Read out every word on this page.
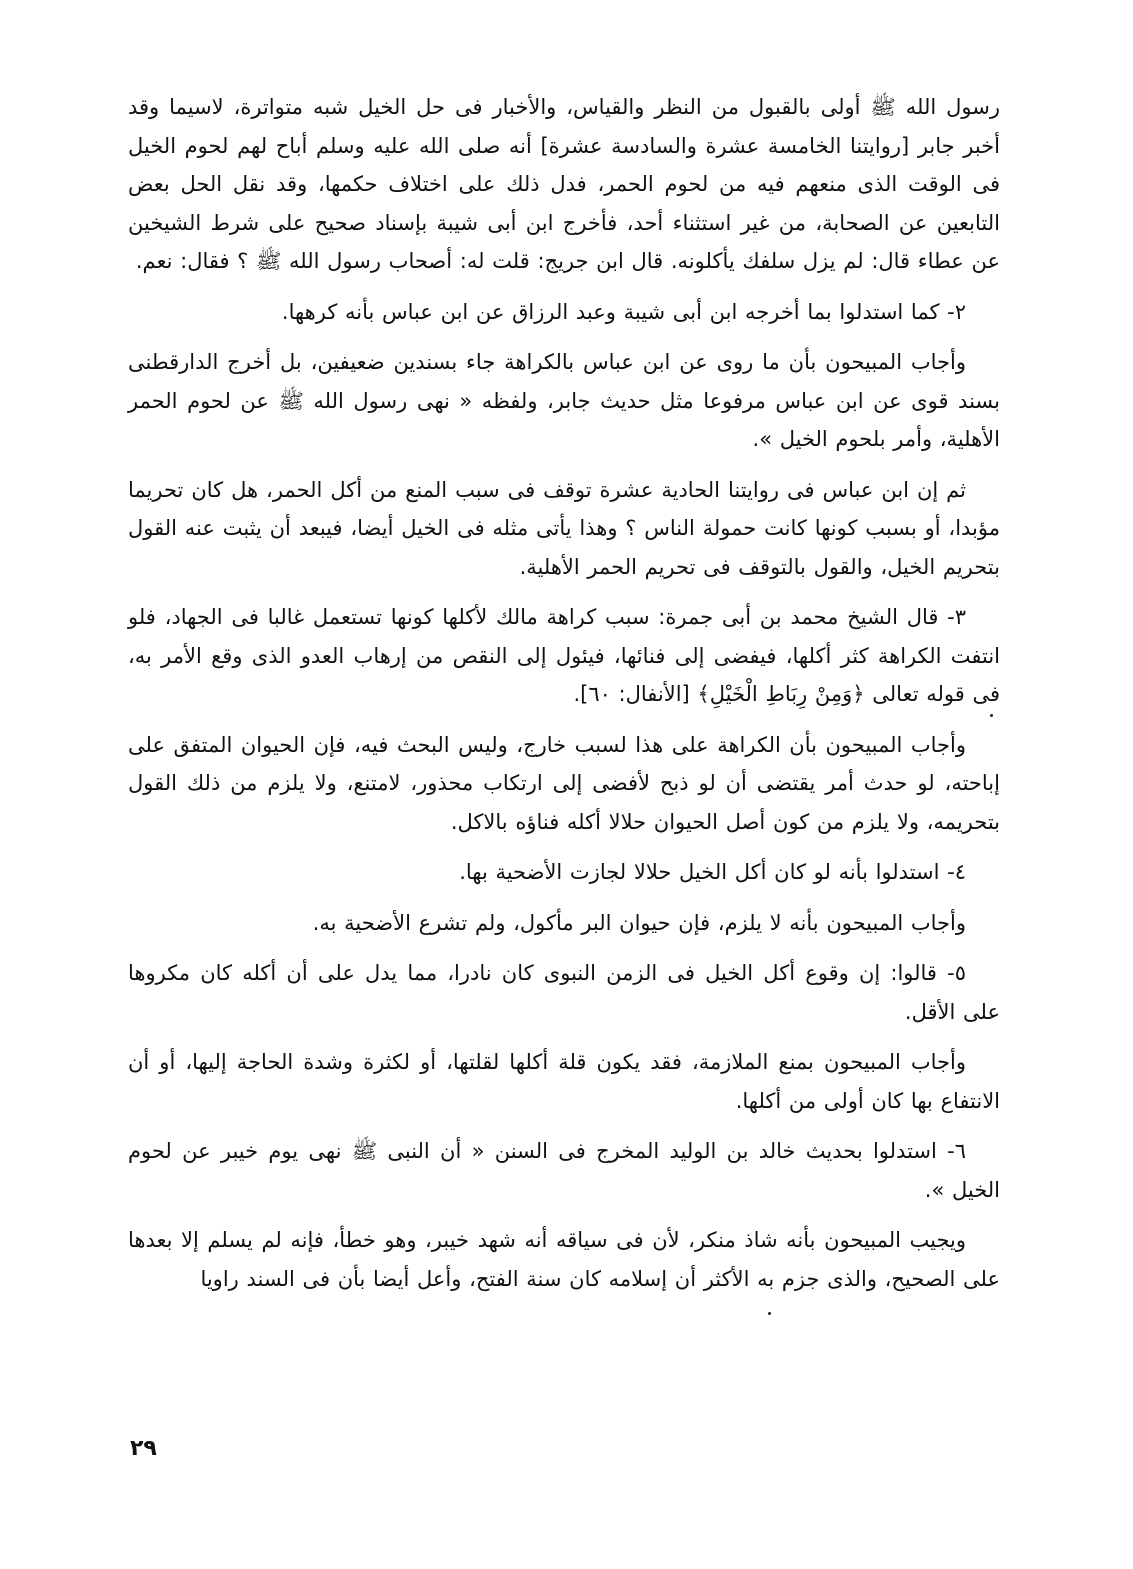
رسول الله ﷺ أولى بالقبول من النظر والقياس، والأخبار فى حل الخيل شبه متواترة، لاسيما وقد أخبر جابر [روايتنا الخامسة عشرة والسادسة عشرة] أنه صلى الله عليه وسلم أباح لهم لحوم الخيل فى الوقت الذى منعهم فيه من لحوم الحمر، فدل ذلك على اختلاف حكمها، وقد نقل الحل بعض التابعين عن الصحابة، من غير استثناء أحد، فأخرج ابن أبى شيبة بإسناد صحيح على شرط الشيخين عن عطاء قال: لم يزل سلفك يأكلونه. قال ابن جريج: قلت له: أصحاب رسول الله ﷺ ؟ فقال: نعم.

٢- كما استدلوا بما أخرجه ابن أبى شيبة وعبد الرزاق عن ابن عباس بأنه كرهها.

وأجاب المبيحون بأن ما روى عن ابن عباس بالكراهة جاء بسندين ضعيفين، بل أخرج الدارقطنى بسند قوى عن ابن عباس مرفوعا مثل حديث جابر، ولفظه « نهى رسول الله ﷺ عن لحوم الحمر الأهلية، وأمر بلحوم الخيل ».

ثم إن ابن عباس فى روايتنا الحادية عشرة توقف فى سبب المنع من أكل الحمر، هل كان تحريما مؤبدا، أو بسبب كونها كانت حمولة الناس ؟ وهذا يأتى مثله فى الخيل أيضا، فيبعد أن يثبت عنه القول بتحريم الخيل، والقول بالتوقف فى تحريم الحمر الأهلية.

٣- قال الشيخ محمد بن أبى جمرة: سبب كراهة مالك لأكلها كونها تستعمل غالبا فى الجهاد، فلو انتفت الكراهة كثر أكلها، فيفضى إلى فنائها، فيئول إلى النقص من إرهاب العدو الذى وقع الأمر به، فى قوله تعالى ﴿وَمِنْ رِبَاطِ الْخَيْلِ﴾ [الأنفال: ٦٠].

وأجاب المبيحون بأن الكراهة على هذا لسبب خارج، وليس البحث فيه، فإن الحيوان المتفق على إباحته، لو حدث أمر يقتضى أن لو ذبح لأفضى إلى ارتكاب محذور، لامتنع، ولا يلزم من ذلك القول بتحريمه، ولا يلزم من كون أصل الحيوان حلالا أكله فناؤه بالاكل.

٤- استدلوا بأنه لو كان أكل الخيل حلالا لجازت الأضحية بها.

وأجاب المبيحون بأنه لا يلزم، فإن حيوان البر مأكول، ولم تشرع الأضحية به.

٥- قالوا: إن وقوع أكل الخيل فى الزمن النبوى كان نادرا، مما يدل على أن أكله كان مكروها على الأقل.

وأجاب المبيحون بمنع الملازمة، فقد يكون قلة أكلها لقلتها، أو لكثرة وشدة الحاجة إليها، أو أن الانتفاع بها كان أولى من أكلها.

٦- استدلوا بحديث خالد بن الوليد المخرج فى السنن « أن النبى ﷺ نهى يوم خيبر عن لحوم الخيل ».

ويجيب المبيحون بأنه شاذ منكر، لأن فى سياقه أنه شهد خيبر، وهو خطأ، فإنه لم يسلم إلا بعدها على الصحيح، والذى جزم به الأكثر أن إسلامه كان سنة الفتح، وأعل أيضا بأن فى السند راويا

٢٩
